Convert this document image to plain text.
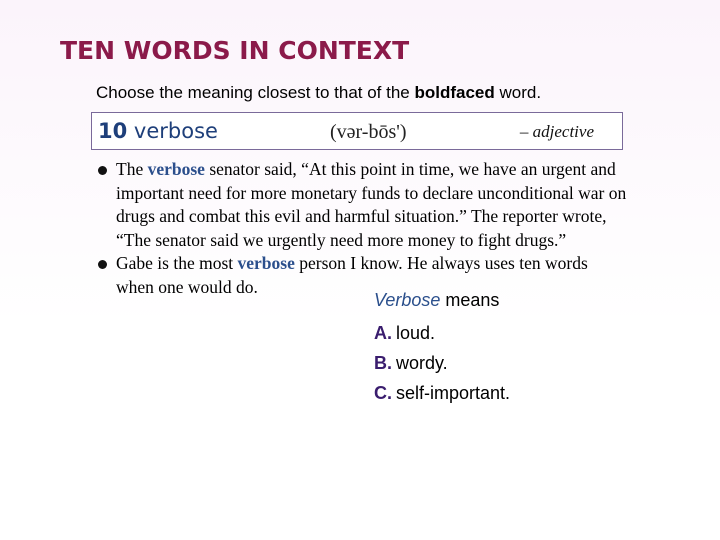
TEN WORDS IN CONTEXT
Choose the meaning closest to that of the boldfaced word.
10 verbose	(vər-bōs')	– adjective

The verbose senator said, “At this point in time, we have an urgent and important need for more monetary funds to declare unconditional war on drugs and combat this evil and harmful situation.” The reporter wrote, “The senator said we urgently need more money to fight drugs.”

Gabe is the most verbose person I know. He always uses ten words when one would do.

Verbose means
A. loud.
B. wordy.
C. self-important.
